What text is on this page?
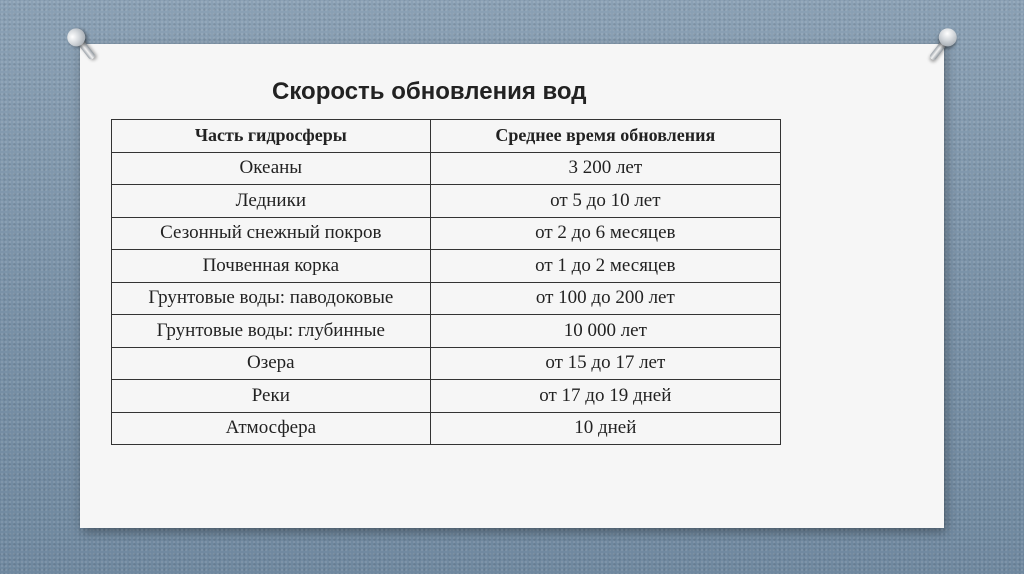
Скорость обновления вод
Часть гидросферы	Среднее время обновления
Океаны	3 200 лет
Ледники	от 5 до 10 лет
Сезонный снежный покров	от 2 до 6 месяцев
Почвенная корка	от 1 до 2 месяцев
Грунтовые воды: паводоковые	от 100 до 200 лет
Грунтовые воды: глубинные	10 000 лет
Озера	от 15 до 17 лет
Реки	от 17 до 19 дней
Атмосфера	10 дней
